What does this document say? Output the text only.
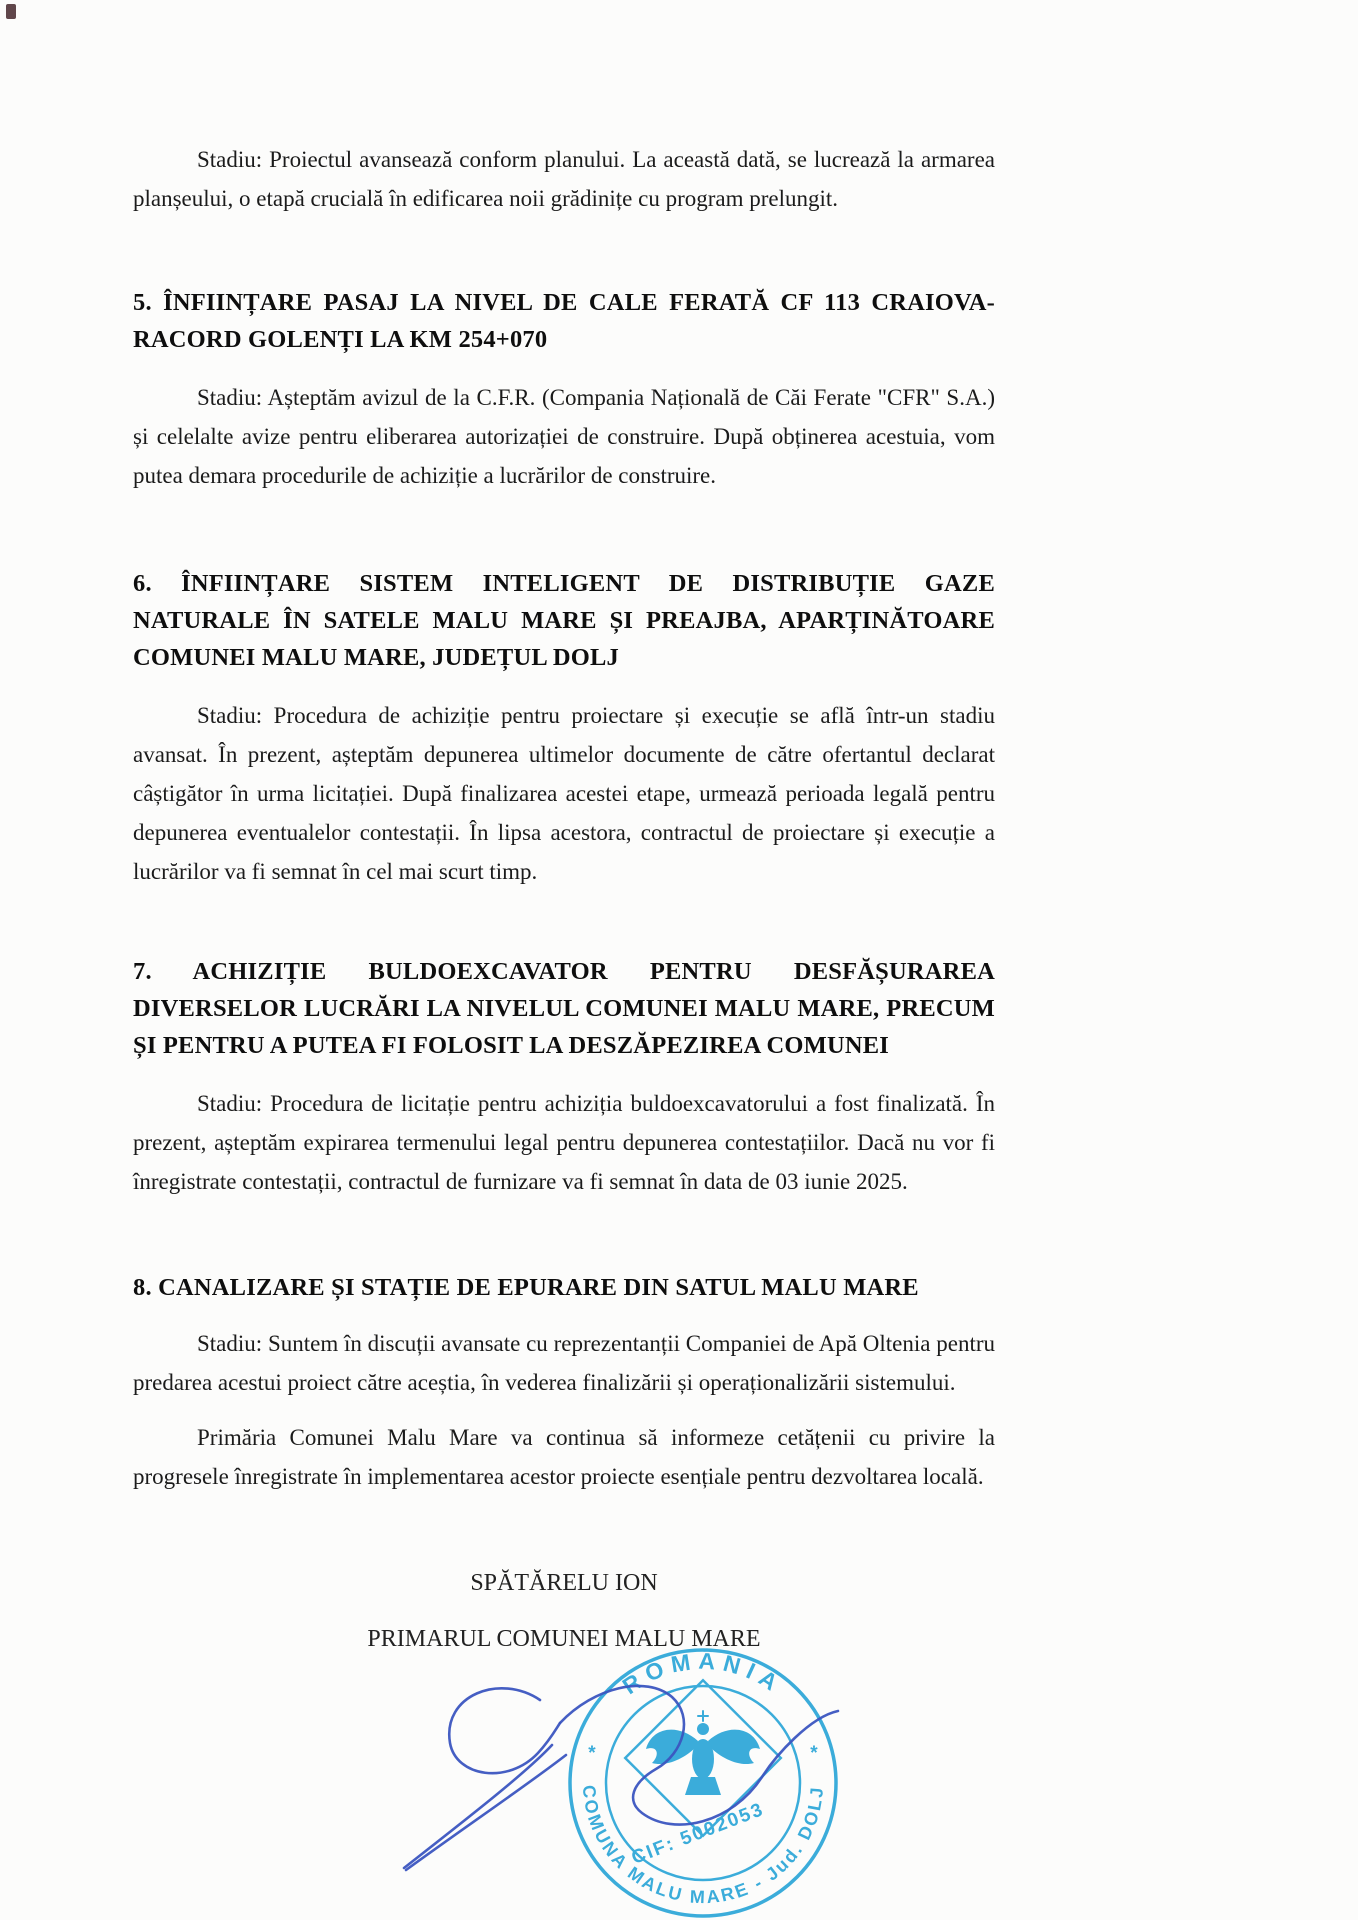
Stadiu: Proiectul avansează conform planului. La această dată, se lucrează la armarea planșeului, o etapă crucială în edificarea noii grădinițe cu program prelungit.

5. ÎNFIINȚARE PASAJ LA NIVEL DE CALE FERATĂ CF 113 CRAIOVA-RACORD GOLENȚI LA KM 254+070

Stadiu: Așteptăm avizul de la C.F.R. (Compania Națională de Căi Ferate "CFR" S.A.) și celelalte avize pentru eliberarea autorizației de construire. După obținerea acestuia, vom putea demara procedurile de achiziție a lucrărilor de construire.

6. ÎNFIINȚARE SISTEM INTELIGENT DE DISTRIBUȚIE GAZE NATURALE ÎN SATELE MALU MARE ȘI PREAJBA, APARȚINĂTOARE COMUNEI MALU MARE, JUDEȚUL DOLJ

Stadiu: Procedura de achiziție pentru proiectare și execuție se află într-un stadiu avansat. În prezent, așteptăm depunerea ultimelor documente de către ofertantul declarat câștigător în urma licitației. După finalizarea acestei etape, urmează perioada legală pentru depunerea eventualelor contestații. În lipsa acestora, contractul de proiectare și execuție a lucrărilor va fi semnat în cel mai scurt timp.

7. ACHIZIȚIE BULDOEXCAVATOR PENTRU DESFĂȘURAREA DIVERSELOR LUCRĂRI LA NIVELUL COMUNEI MALU MARE, PRECUM ȘI PENTRU A PUTEA FI FOLOSIT LA DESZĂPEZIREA COMUNEI

Stadiu: Procedura de licitație pentru achiziția buldoexcavatorului a fost finalizată. În prezent, așteptăm expirarea termenului legal pentru depunerea contestațiilor. Dacă nu vor fi înregistrate contestații, contractul de furnizare va fi semnat în data de 03 iunie 2025.

8. CANALIZARE ȘI STAȚIE DE EPURARE DIN SATUL MALU MARE

Stadiu: Suntem în discuții avansate cu reprezentanții Companiei de Apă Oltenia pentru predarea acestui proiect către aceștia, în vederea finalizării și operaționalizării sistemului.

Primăria Comunei Malu Mare va continua să informeze cetățenii cu privire la progresele înregistrate în implementarea acestor proiecte esențiale pentru dezvoltarea locală.

SPĂTĂRELU ION

PRIMARUL COMUNEI MALU MARE

ROMÂNIA
COMUNA MALU MARE - Jud. DOLJ
*	*
CIF: 5002053
